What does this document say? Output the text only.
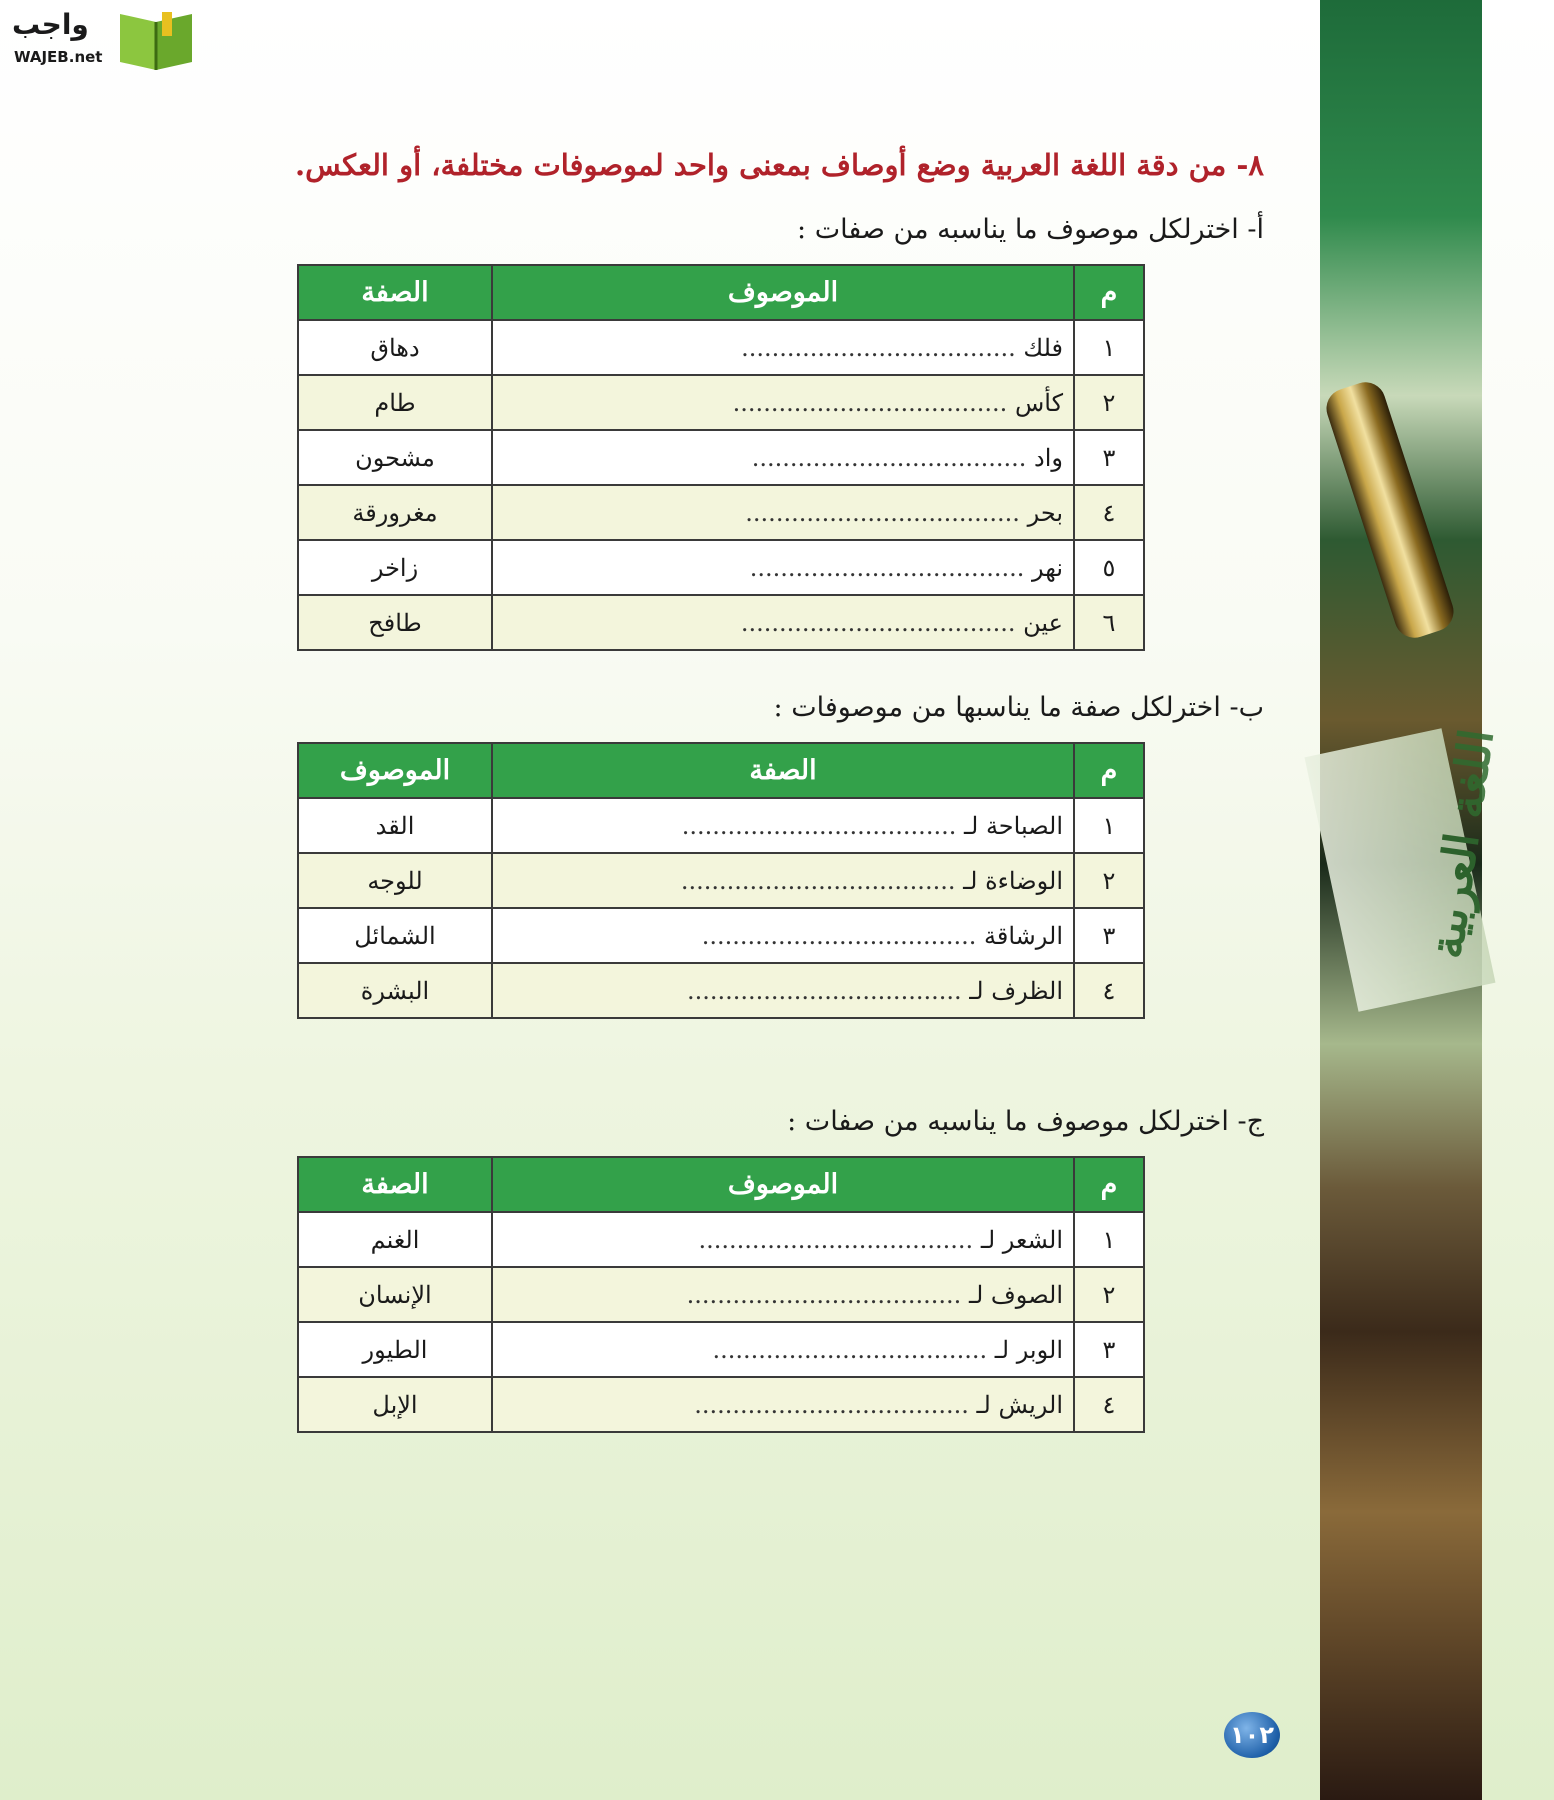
اللغة العربية
واجب
WAJEB.net
٨- من دقة اللغة العربية وضع أوصاف بمعنى واحد لموصوفات مختلفة، أو العكس.
أ- اخترلكل موصوف ما يناسبه من صفات :
م	الموصوف	الصفة
١	فلك ....................................	دهاق
٢	كأس ....................................	طام
٣	واد ....................................	مشحون
٤	بحر ....................................	مغرورقة
٥	نهر ....................................	زاخر
٦	عين ....................................	طافح
ب- اخترلكل صفة ما يناسبها من موصوفات :
م	الصفة	الموصوف
١	الصباحة لـ ....................................	القد
٢	الوضاءة لـ ....................................	للوجه
٣	الرشاقة ....................................	الشمائل
٤	الظرف لـ ....................................	البشرة
ج- اخترلكل موصوف ما يناسبه من صفات :
م	الموصوف	الصفة
١	الشعر لـ ....................................	الغنم
٢	الصوف لـ ....................................	الإنسان
٣	الوبر لـ ....................................	الطيور
٤	الريش لـ ....................................	الإبل
١٠٢
